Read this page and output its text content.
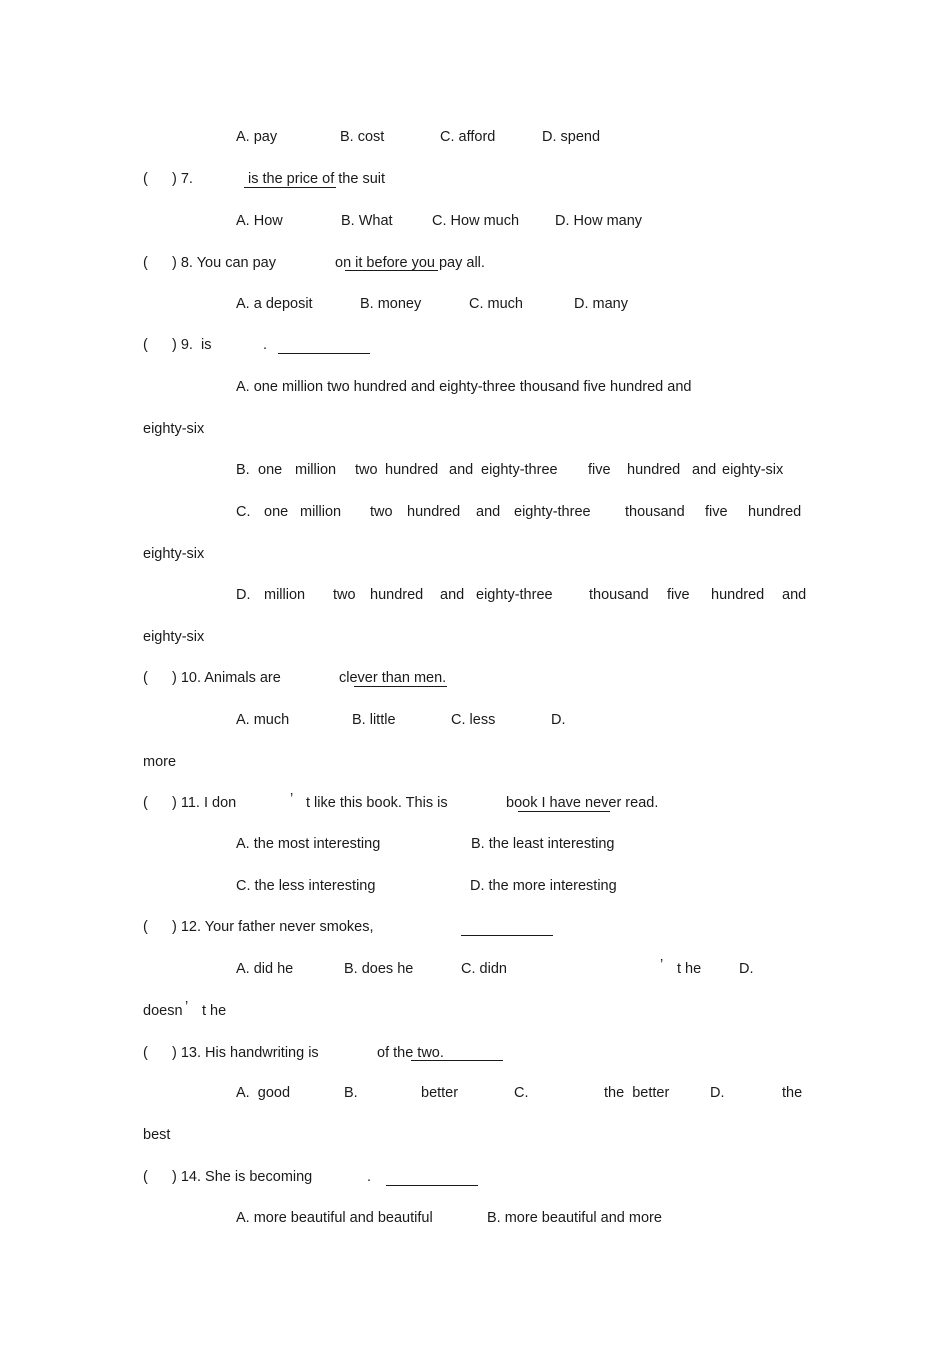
A. pay	B. cost	C. afford	D. spend
( ) 7.	is the price of the suit
A. How	B. What	C. How much D. How many
( ) 8. You can pay	on it before you pay all.
A. a deposit	B. money	C. much	D. many
( ) 9.  is	.
A. one million two hundred and eighty-three thousand five hundred and
eighty-six
B. one million two hundred and eighty-three five hundred and eighty-six
C. one million two hundred and eighty-three thousand five hundred
eighty-six
D. million two hundred and eighty-three	thousand five hundred and
eighty-six
( ) 10. Animals are	clever than men.
A. much	B. little	C. less	D.
more
( ) 11. I don	’ t like this book. This is	book I have never read.
A. the most interesting	B. the least interesting
C. the less interesting	D. the more interesting
( ) 12. Your father never smokes,
A. did he	B. does he	C. didn	’ t he	D.
doesn ’ t he
( ) 13. His handwriting is	of the two.
A.  good	B.	better	C.	the  better	D.	the
best
( ) 14. She is becoming	.
A. more beautiful and beautiful	B. more beautiful and more
